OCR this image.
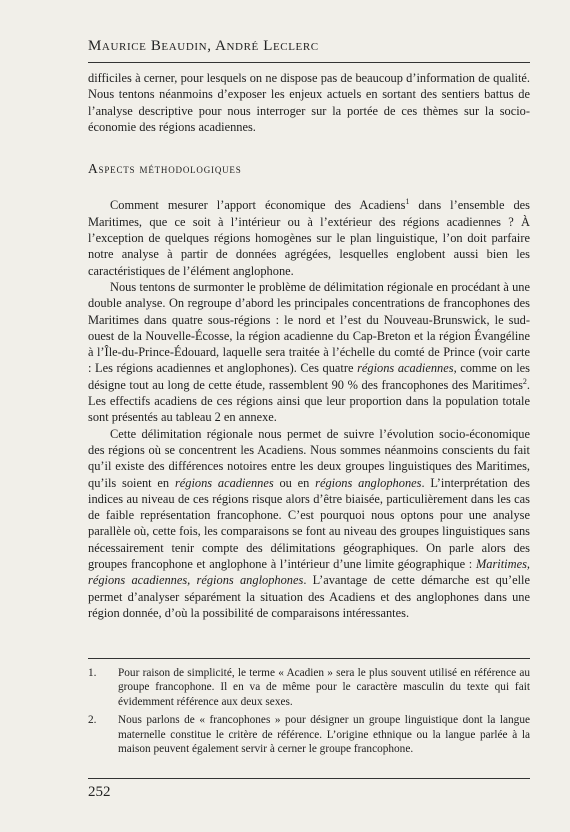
Maurice Beaudin, André Leclerc

difficiles à cerner, pour lesquels on ne dispose pas de beaucoup d’information de qualité. Nous tentons néanmoins d’exposer les enjeux actuels en sortant des sentiers battus de l’analyse descriptive pour nous interroger sur la portée de ces thèmes sur la socio-économie des régions acadiennes.

Aspects méthodologiques

Comment mesurer l’apport économique des Acadiens$^1$ dans l’ensemble des Maritimes, que ce soit à l’intérieur ou à l’extérieur des régions acadiennes ? À l’exception de quelques régions homogènes sur le plan linguistique, l’on doit parfaire notre analyse à partir de données agrégées, lesquelles englobent aussi bien les caractéristiques de l’élément anglophone.

Nous tentons de surmonter le problème de délimitation régionale en procédant à une double analyse. On regroupe d’abord les principales concentrations de francophones des Maritimes dans quatre sous-régions : le nord et l’est du Nouveau-Brunswick, le sud-ouest de la Nouvelle-Écosse, la région acadienne du Cap-Breton et la région Évangéline à l’Île-du-Prince-Édouard, laquelle sera traitée à l’échelle du comté de Prince (voir carte : Les régions acadiennes et anglophones). Ces quatre régions acadiennes, comme on les désigne tout au long de cette étude, rassemblent 90 % des francophones des Maritimes$^2$. Les effectifs acadiens de ces régions ainsi que leur proportion dans la population totale sont présentés au tableau 2 en annexe.

Cette délimitation régionale nous permet de suivre l’évolution socio-économique des régions où se concentrent les Acadiens. Nous sommes néanmoins conscients du fait qu’il existe des différences notoires entre les deux groupes linguistiques des Maritimes, qu’ils soient en régions acadiennes ou en régions anglophones. L’interprétation des indices au niveau de ces régions risque alors d’être biaisée, particulièrement dans les cas de faible représentation francophone. C’est pourquoi nous optons pour une analyse parallèle où, cette fois, les comparaisons se font au niveau des groupes linguistiques sans nécessairement tenir compte des délimitations géographiques. On parle alors des groupes francophone et anglophone à l’intérieur d’une limite géographique : Maritimes, régions acadiennes, régions anglophones. L’avantage de cette démarche est qu’elle permet d’analyser séparément la situation des Acadiens et des anglophones dans une région donnée, d’où la possibilité de comparaisons intéressantes.

1.	Pour raison de simplicité, le terme « Acadien » sera le plus souvent utilisé en référence au groupe francophone. Il en va de même pour le caractère masculin du texte qui fait évidemment référence aux deux sexes.
2.	Nous parlons de « francophones » pour désigner un groupe linguistique dont la langue maternelle constitue le critère de référence. L’origine ethnique ou la langue parlée à la maison peuvent également servir à cerner le groupe francophone.
252
